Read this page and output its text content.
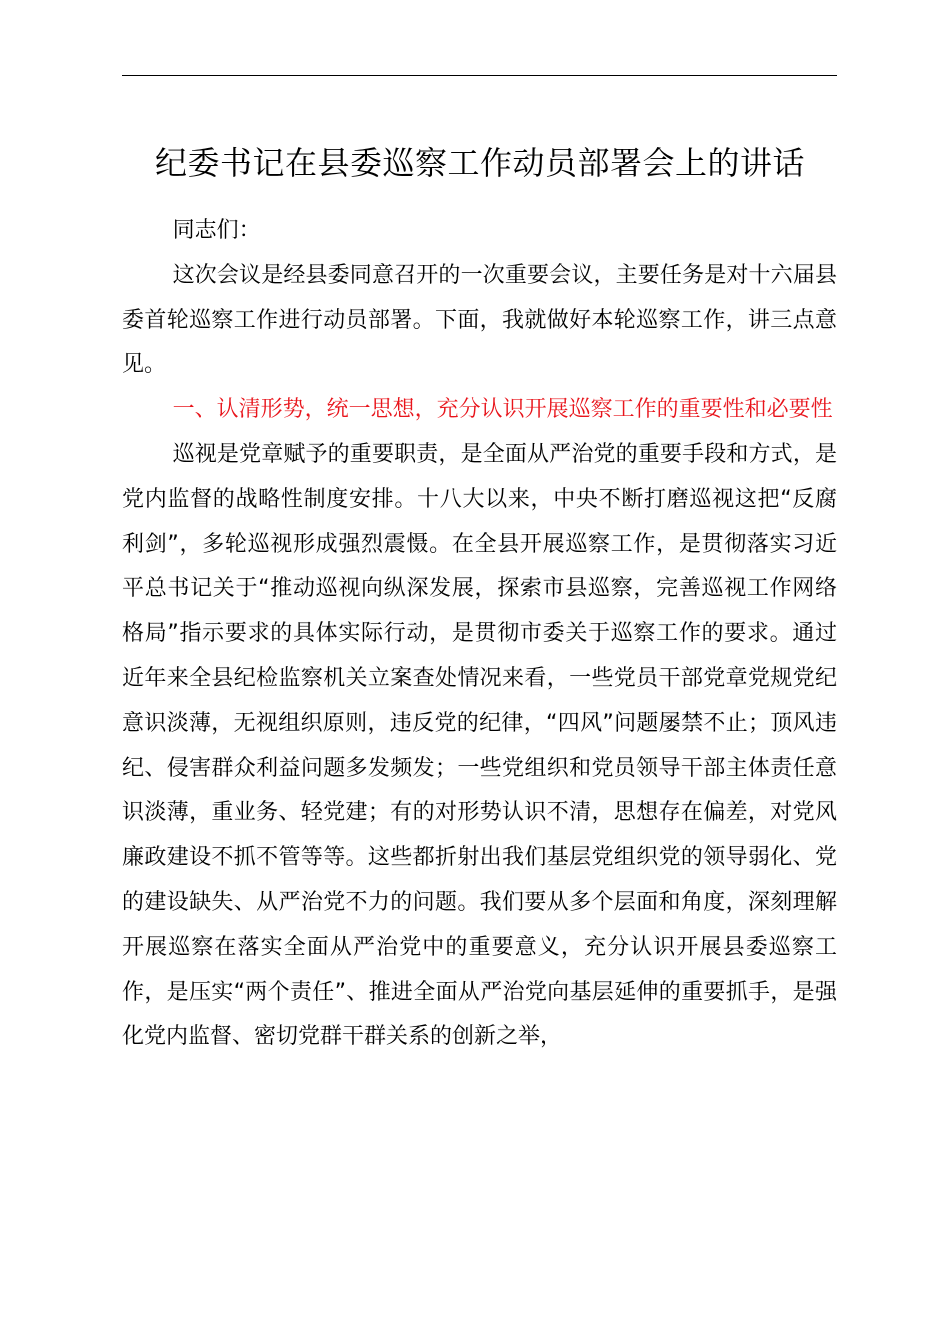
纪委书记在县委巡察工作动员部署会上的讲话

同志们：

这次会议是经县委同意召开的一次重要会议，主要任务是对十六届县委首轮巡察工作进行动员部署。下面，我就做好本轮巡察工作，讲三点意见。

一、认清形势，统一思想，充分认识开展巡察工作的重要性和必要性

巡视是党章赋予的重要职责，是全面从严治党的重要手段和方式，是党内监督的战略性制度安排。十八大以来，中央不断打磨巡视这把“反腐利剑”，多轮巡视形成强烈震慑。在全县开展巡察工作，是贯彻落实习近平总书记关于“推动巡视向纵深发展，探索市县巡察，完善巡视工作网络格局”指示要求的具体实际行动，是贯彻市委关于巡察工作的要求。通过近年来全县纪检监察机关立案查处情况来看，一些党员干部党章党规党纪意识淡薄，无视组织原则，违反党的纪律，“四风”问题屡禁不止；顶风违纪、侵害群众利益问题多发频发；一些党组织和党员领导干部主体责任意识淡薄，重业务、轻党建；有的对形势认识不清，思想存在偏差，对党风廉政建设不抓不管等等。这些都折射出我们基层党组织党的领导弱化、党的建设缺失、从严治党不力的问题。我们要从多个层面和角度，深刻理解开展巡察在落实全面从严治党中的重要意义，充分认识开展县委巡察工作，是压实“两个责任”、推进全面从严治党向基层延伸的重要抓手，是强化党内监督、密切党群干群关系的创新之举，
